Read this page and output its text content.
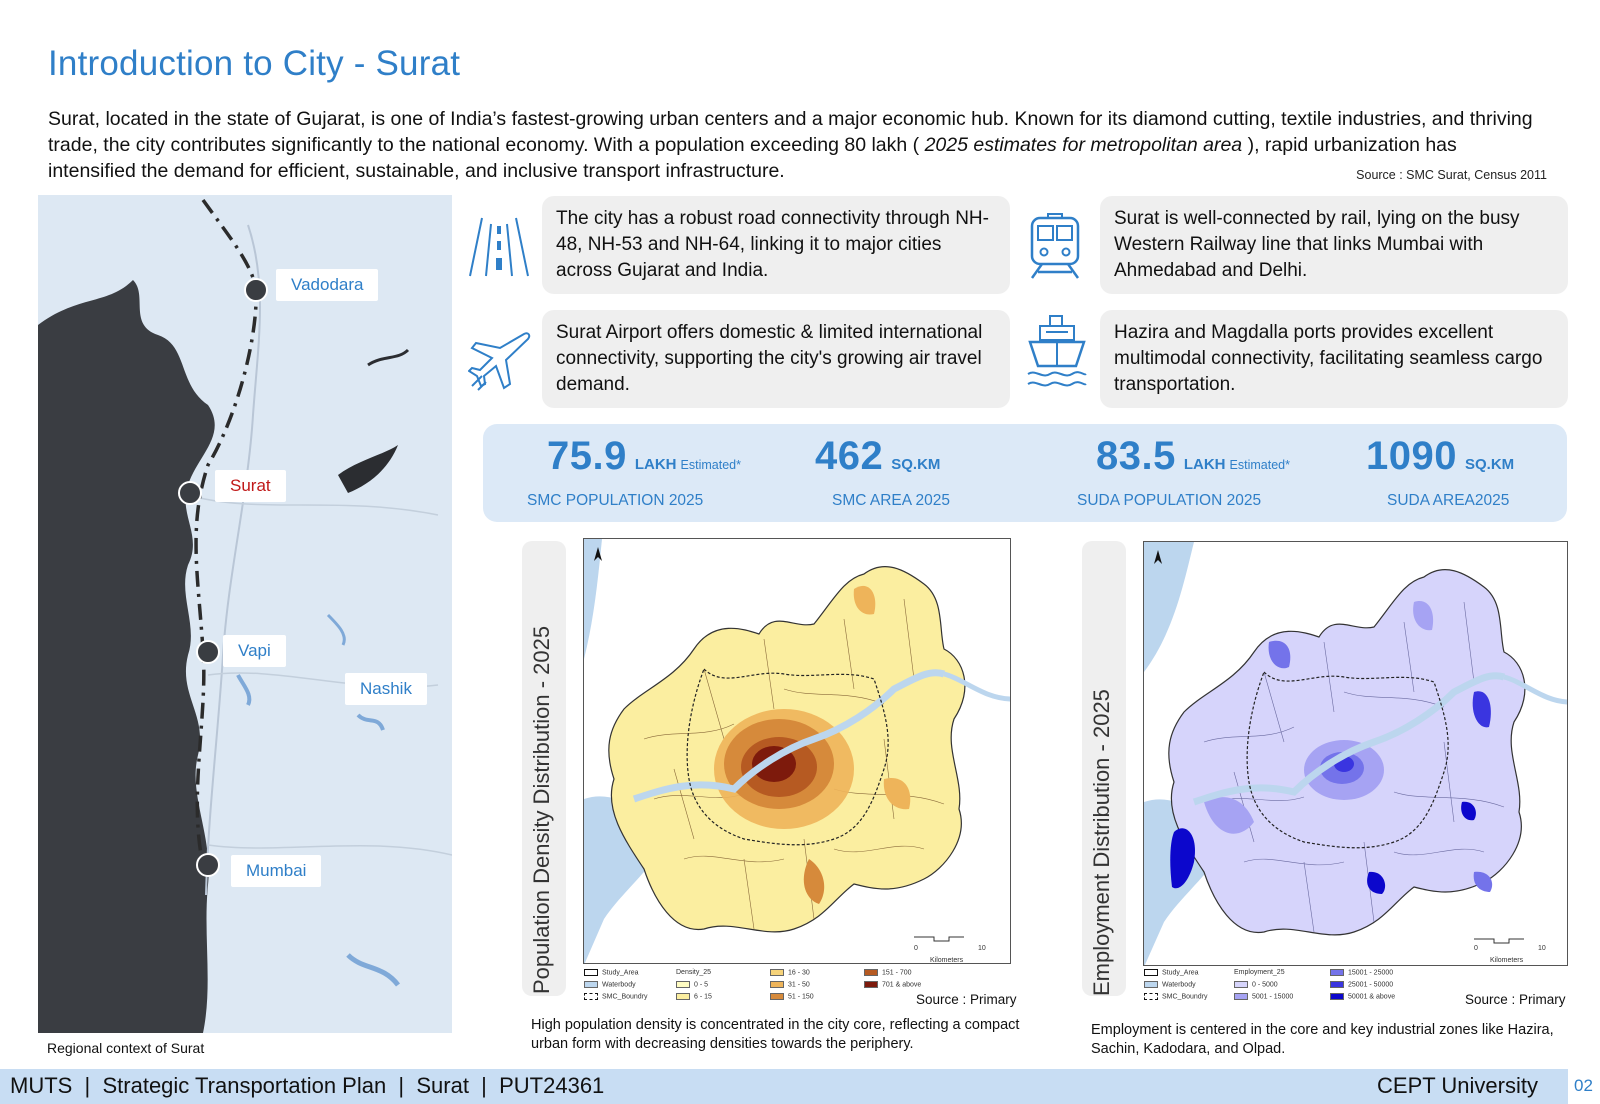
Introduction to City - Surat

Surat, located in the state of Gujarat, is one of India’s fastest-growing urban centers and a major economic hub. Known for its diamond cutting, textile industries, and thriving trade, the city contributes significantly to the national economy. With a population exceeding 80 lakh ( 2025 estimates for metropolitan area ), rapid urbanization has intensified the demand for efficient, sustainable, and inclusive transport infrastructure.	Source : SMC Surat, Census 2011
Vadodara
Surat
Vapi
Nashik
Mumbai
Regional context of Surat
The city has a robust road connectivity through NH-48, NH-53 and NH-64, linking it to major cities across Gujarat and India.
Surat is well-connected by rail, lying on the busy Western Railway line that links Mumbai with Ahmedabad and Delhi.
Surat Airport offers domestic & limited international connectivity, supporting the city's growing air travel demand.
Hazira and Magdalla ports provides excellent multimodal connectivity, facilitating seamless cargo transportation.
75.9 LAKH Estimated* 462 SQ.KM	83.5 LAKH Estimated* 1090 SQ.KM
SMC POPULATION 2025	SMC AREA 2025	SUDA POPULATION 2025	SUDA AREA2025
Population Density Distribution - 2025	Study_Area
Waterbody
SMC_Boundry
Density_25
0 - 5
6 - 15
16 - 30
31 - 50
51 - 150
151 - 700
701 & above
0	10
Kilometers
Source : Primary
High population density is concentrated in the city core, reflecting a compact urban form with decreasing densities towards the periphery.
Employment Distribution - 2025	Study_Area
Waterbody
SMC_Boundry
Employment_25
0 - 5000
5001 - 15000
15001 - 25000
25001 - 50000
50001 & above
0	10
Kilometers
Source : Primary
Employment is centered in the core and key industrial zones like Hazira, Sachin, Kadodara, and Olpad.
MUTS  |  Strategic Transportation Plan  |  Surat  |  PUT24361	CEPT University 02
